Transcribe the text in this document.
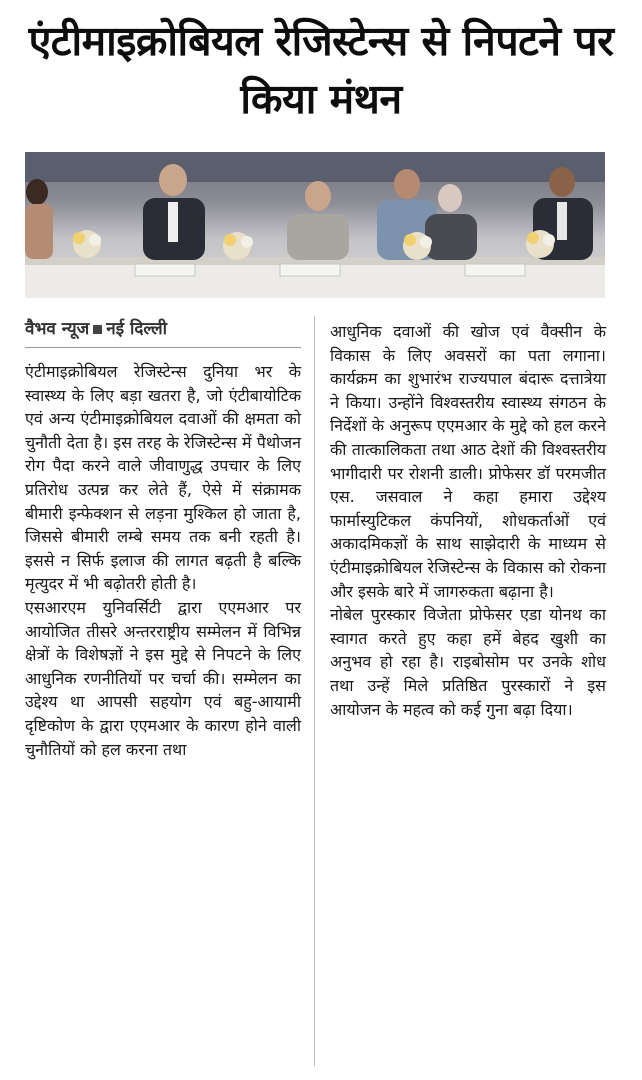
एंटीमाइक्रोबियल रेजिस्टेन्स से निपटने पर किया मंथन
वैभव न्यूज नई दिल्ली

एंटीमाइक्रोबियल रेजिस्टेन्स दुनिया भर के स्वास्थ्य के लिए बड़ा खतरा है, जो एंटीबायोटिक एवं अन्य एंटीमाइक्रोबियल दवाओं की क्षमता को चुनौती देता है। इस तरह के रेजिस्टेन्स में पैथोजन रोग पैदा करने वाले जीवाणुद्ध उपचार के लिए प्रतिरोध उत्पन्न कर लेते हैं, ऐसे में संक्रामक बीमारी इन्फेक्शन से लड़ना मुश्किल हो जाता है, जिससे बीमारी लम्बे समय तक बनी रहती है। इससे न सिर्फ इलाज की लागत बढ़ती है बल्कि मृत्युदर में भी बढ़ोतरी होती है।

एसआरएम युनिवर्सिटी द्वारा एएमआर पर आयोजित तीसरे अन्तरराष्ट्रीय सम्मेलन में विभिन्न क्षेत्रों के विशेषज्ञों ने इस मुद्दे से निपटने के लिए आधुनिक रणनीतियों पर चर्चा की। सम्मेलन का उद्देश्य था आपसी सहयोग एवं बहु-आयामी दृष्टिकोण के द्वारा एएमआर के कारण होने वाली चुनौतियों को हल करना तथा

आधुनिक दवाओं की खोज एवं वैक्सीन के विकास के लिए अवसरों का पता लगाना। कार्यक्रम का शुभारंभ राज्यपाल बंदारू दत्तात्रेया ने किया। उन्होंने विश्वस्तरीय स्वास्थ्य संगठन के निर्देशों के अनुरूप एएमआर के मुद्दे को हल करने की तात्कालिकता तथा आठ देशों की विश्वस्तरीय भागीदारी पर रोशनी डाली। प्रोफेसर डॉ परमजीत एस. जसवाल ने कहा हमारा उद्देश्य फार्मास्युटिकल कंपनियों, शोधकर्ताओं एवं अकादमिकज्ञों के साथ साझेदारी के माध्यम से एंटीमाइक्रोबियल रेजिस्टेन्स के विकास को रोकना और इसके बारे में जागरुकता बढ़ाना है।

नोबेल पुरस्कार विजेता प्रोफेसर एडा योनथ का स्वागत करते हुए कहा हमें बेहद खुशी का अनुभव हो रहा है। राइबोसोम पर उनके शोध तथा उन्हें मिले प्रतिष्ठित पुरस्कारों ने इस आयोजन के महत्व को कई गुना बढ़ा दिया।
